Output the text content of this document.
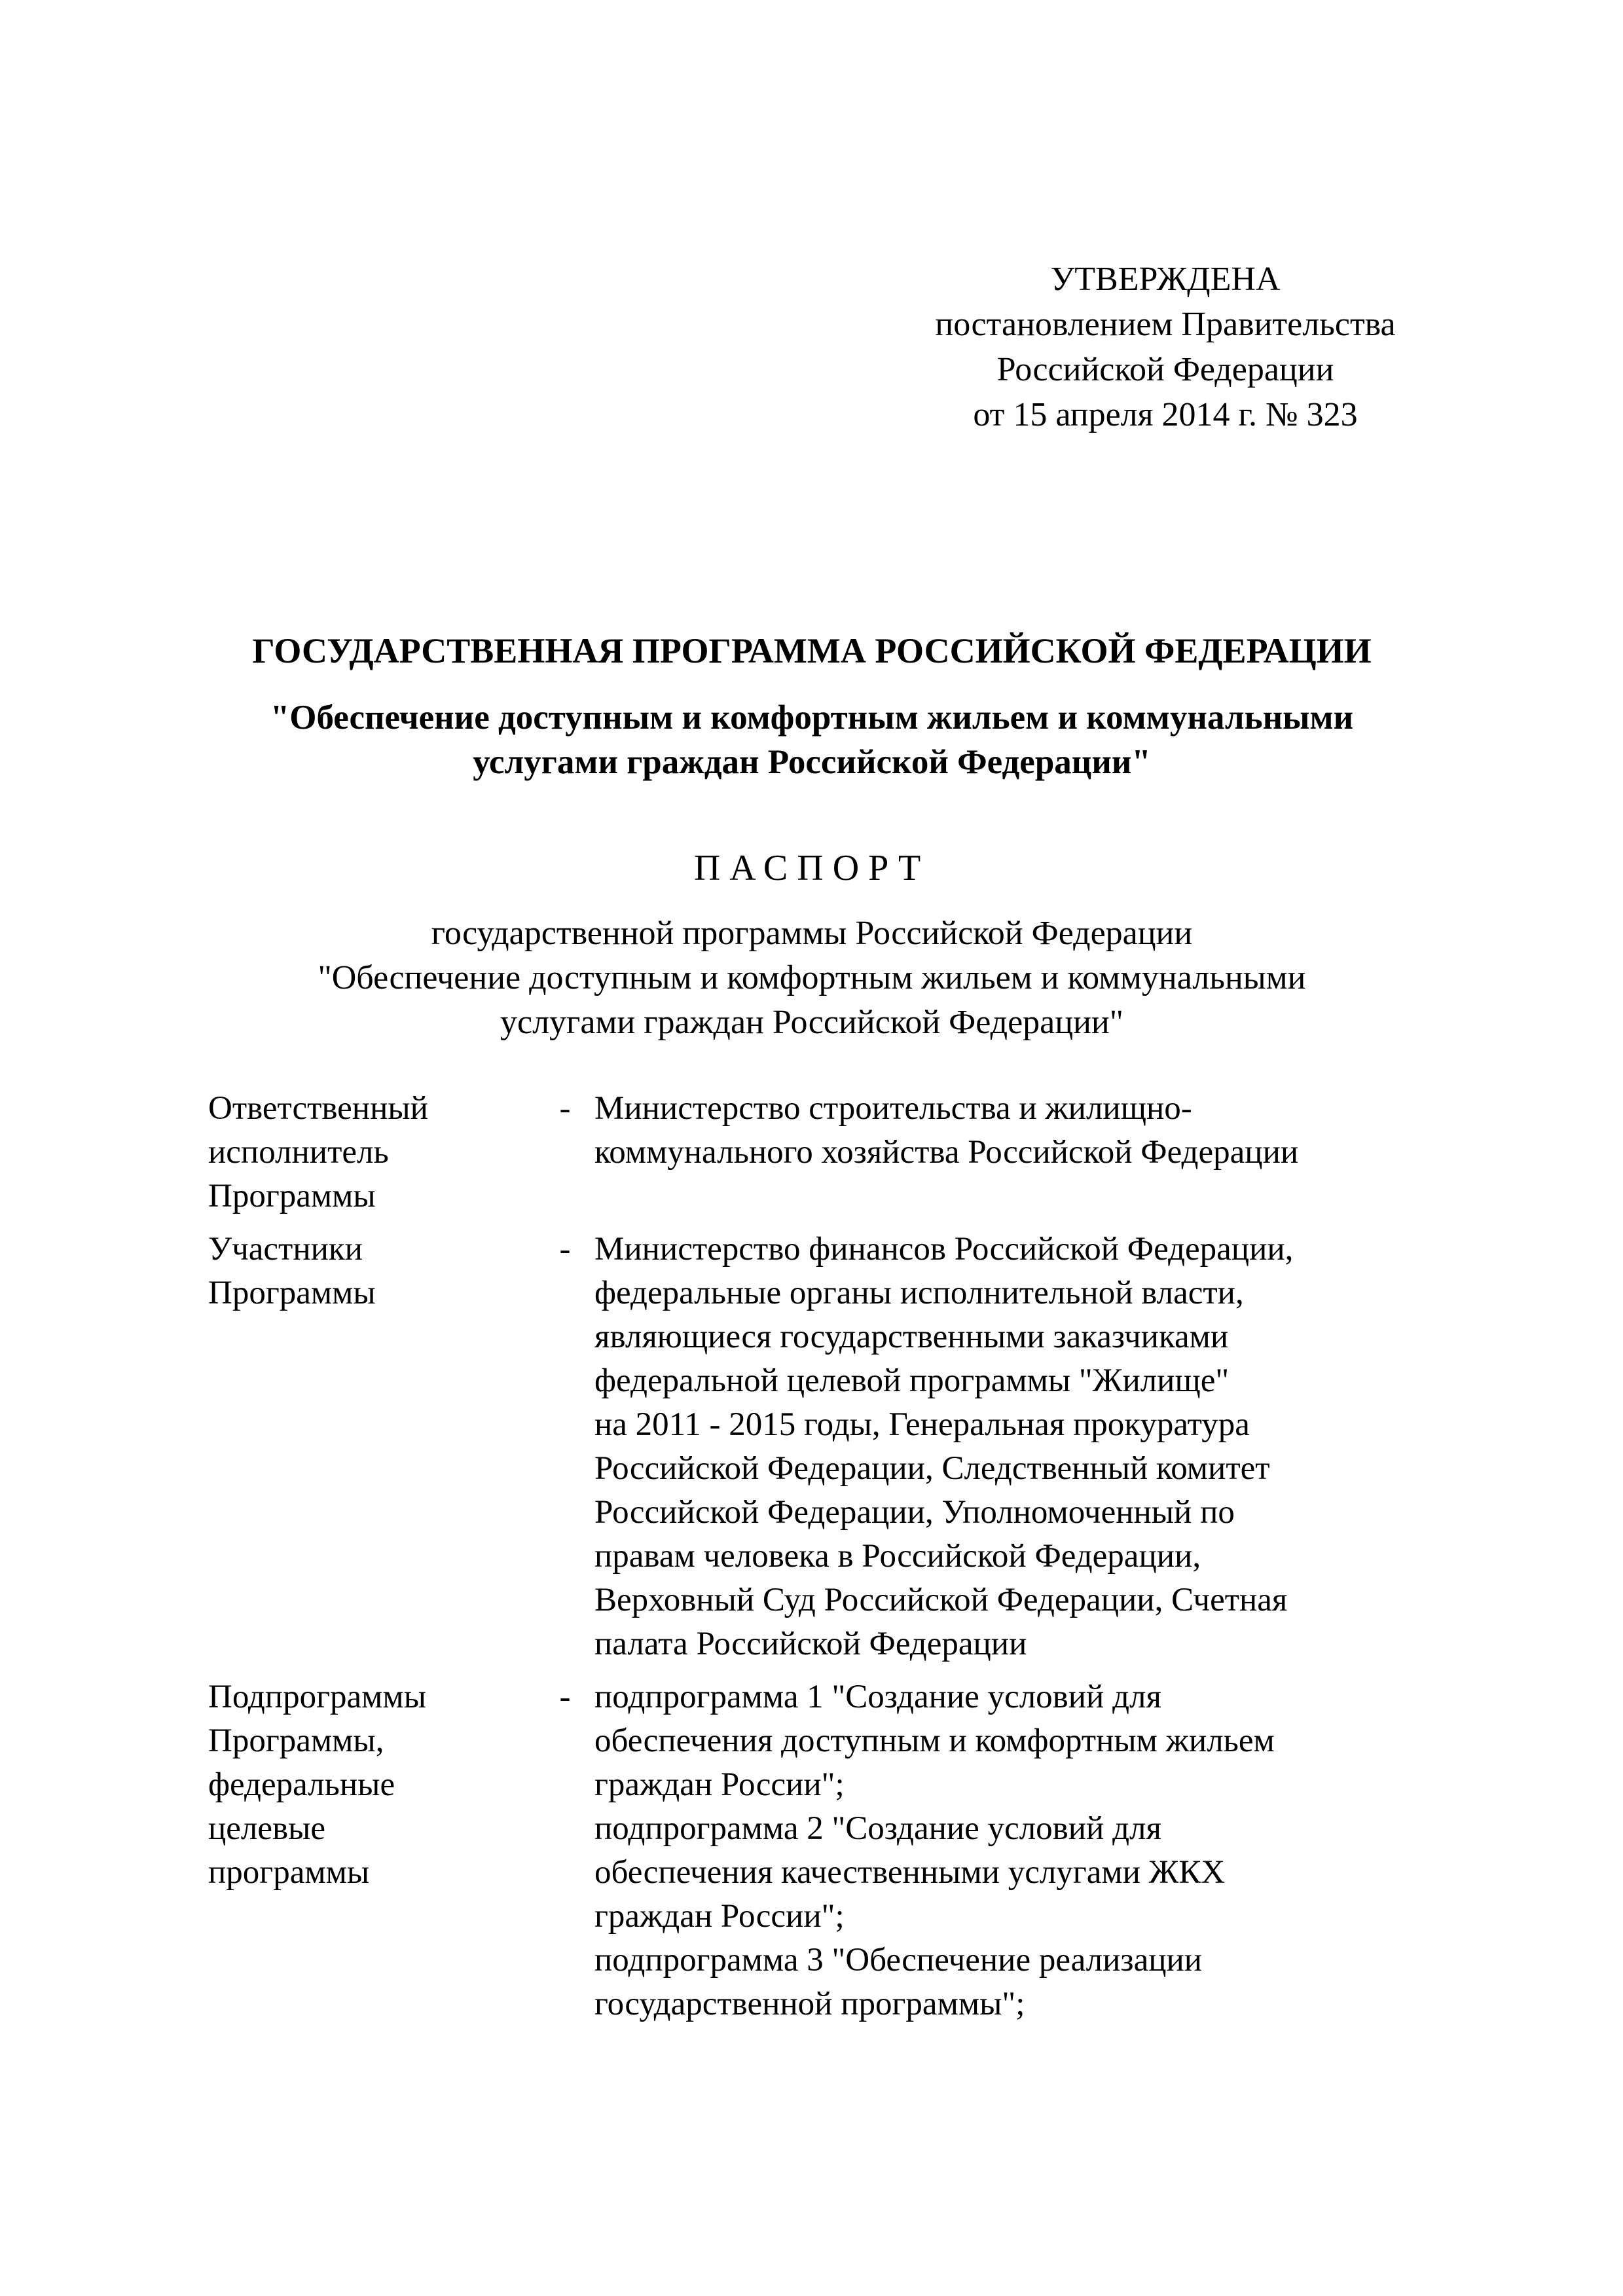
УТВЕРЖДЕНА
постановлением Правительства
Российской Федерации
от 15 апреля 2014 г. № 323
ГОСУДАРСТВЕННАЯ ПРОГРАММА РОССИЙСКОЙ ФЕДЕРАЦИИ
"Обеспечение доступным и комфортным жильем и коммунальными
услугами граждан Российской Федерации"
ПАСПОРТ
государственной программы Российской Федерации
"Обеспечение доступным и комфортным жильем и коммунальными
услугами граждан Российской Федерации"
Ответственный
исполнитель
Программы
- Министерство строительства и жилищно-
коммунального хозяйства Российской Федерации
Участники
Программы
- Министерство финансов Российской Федерации,
федеральные органы исполнительной власти,
являющиеся государственными заказчиками
федеральной целевой программы "Жилище"
на 2011 - 2015 годы, Генеральная прокуратура
Российской Федерации, Следственный комитет
Российской Федерации, Уполномоченный по
правам человека в Российской Федерации,
Верховный Суд Российской Федерации, Счетная
палата Российской Федерации
Подпрограммы
Программы,
федеральные
целевые
программы
- подпрограмма 1 "Создание условий для
обеспечения доступным и комфортным жильем
граждан России";
подпрограмма 2 "Создание условий для
обеспечения качественными услугами ЖКХ
граждан России";
подпрограмма 3 "Обеспечение реализации
государственной программы";
